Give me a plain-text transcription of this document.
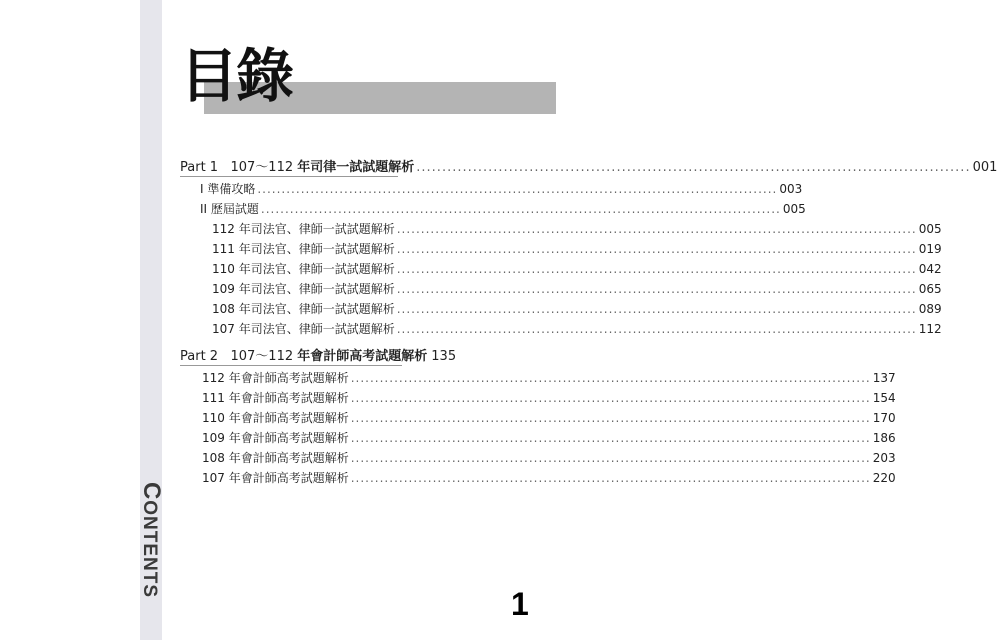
CONTENTS
目錄
Part 1 107～112 年司律一試試題解析 ............................................................................................................ 001
I 準備攻略 ............................................................................................................ 003
II 歷屆試題 ............................................................................................................ 005
112 年司法官、律師一試試題解析 ............................................................................................................ 005
111 年司法官、律師一試試題解析 ............................................................................................................ 019
110 年司法官、律師一試試題解析 ............................................................................................................ 042
109 年司法官、律師一試試題解析 ............................................................................................................ 065
108 年司法官、律師一試試題解析 ............................................................................................................ 089
107 年司法官、律師一試試題解析 ............................................................................................................ 112
Part 2 107～112 年會計師高考試題解析 135
112 年會計師高考試題解析 ............................................................................................................ 137
111 年會計師高考試題解析 ............................................................................................................ 154
110 年會計師高考試題解析 ............................................................................................................ 170
109 年會計師高考試題解析 ............................................................................................................ 186
108 年會計師高考試題解析 ............................................................................................................ 203
107 年會計師高考試題解析 ............................................................................................................ 220
1
